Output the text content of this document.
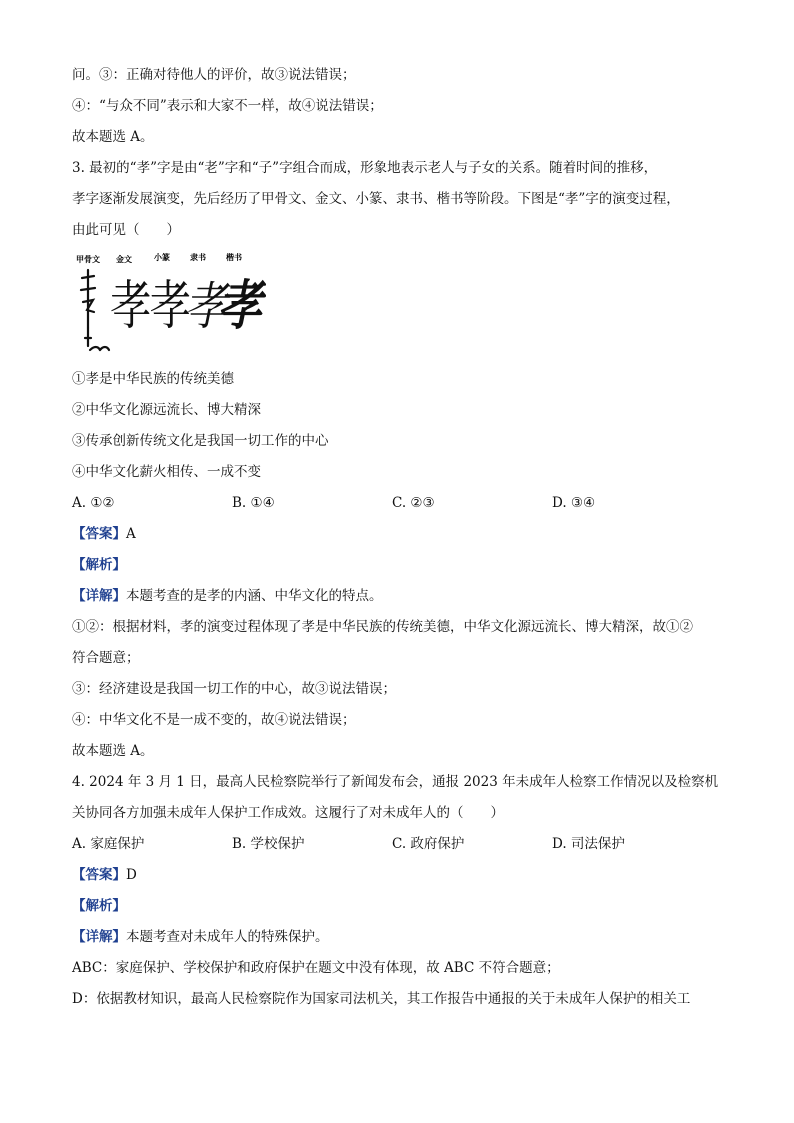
问。③：正确对待他人的评价，故③说法错误；
④：“与众不同”表示和大家不一样，故④说法错误；
故本题选 A。
3. 最初的“孝”字是由“老”字和“子”字组合而成，形象地表示老人与子女的关系。随着时间的推移，
孝字逐渐发展演变，先后经历了甲骨文、金文、小篆、隶书、楷书等阶段。下图是“孝”字的演变过程，
由此可见（　　）
甲骨文 金文	小篆	隶书	楷书
孝
孝
孝
孝
①孝是中华民族的传统美德
②中华文化源远流长、博大精深
③传承创新传统文化是我国一切工作的中心
④中华文化薪火相传、一成不变
A. ①②	B. ①④	C. ②③	D. ③④
【答案】A
【解析】
【详解】本题考查的是孝的内涵、中华文化的特点。
①②：根据材料，孝的演变过程体现了孝是中华民族的传统美德，中华文化源远流长、博大精深，故①②
符合题意；
③：经济建设是我国一切工作的中心，故③说法错误；
④：中华文化不是一成不变的，故④说法错误；
故本题选 A。
4. 2024 年 3 月 1 日，最高人民检察院举行了新闻发布会，通报 2023 年未成年人检察工作情况以及检察机
关协同各方加强未成年人保护工作成效。这履行了对未成年人的（　　）
A. 家庭保护	B. 学校保护	C. 政府保护	D. 司法保护
【答案】D
【解析】
【详解】本题考查对未成年人的特殊保护。
ABC：家庭保护、学校保护和政府保护在题文中没有体现，故 ABC 不符合题意；
D：依据教材知识，最高人民检察院作为国家司法机关，其工作报告中通报的关于未成年人保护的相关工
